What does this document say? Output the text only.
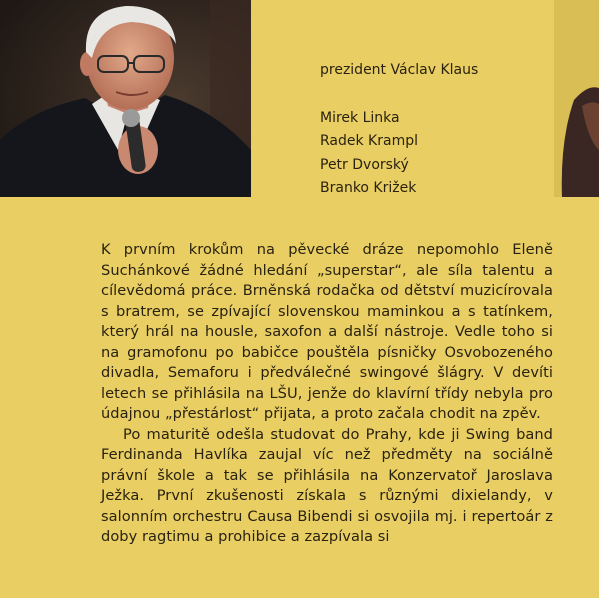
prezident Václav Klaus
Mirek Linka
Radek Krampl
Petr Dvorský
Branko Križek

K prvním krokům na pěvecké dráze nepomohlo Eleně Suchánkové žádné hledání „superstar“, ale síla talentu a cílevědomá práce. Brněnská rodačka od dětství muzicírovala s bratrem, se zpívající slovenskou maminkou a s tatínkem, který hrál na housle, saxofon a další nástroje. Vedle toho si na gramofonu po babičce pouštěla písničky Osvobozeného divadla, Semaforu i předválečné swingové šlágry. V devíti letech se přihlásila na LŠU, jenže do klavírní třídy nebyla pro údajnou „přestárlost“ přijata, a proto začala chodit na zpěv.

Po maturitě odešla studovat do Prahy, kde ji Swing band Ferdinanda Havlíka zaujal víc než předměty na sociálně právní škole a tak se přihlásila na Konzervatoř Jaroslava Ježka. První zkušenosti získala s různými dixielandy, v salonním orchestru Causa Bibendi si osvojila mj. i repertoár z doby ragtimu a prohibice a zazpívala si
